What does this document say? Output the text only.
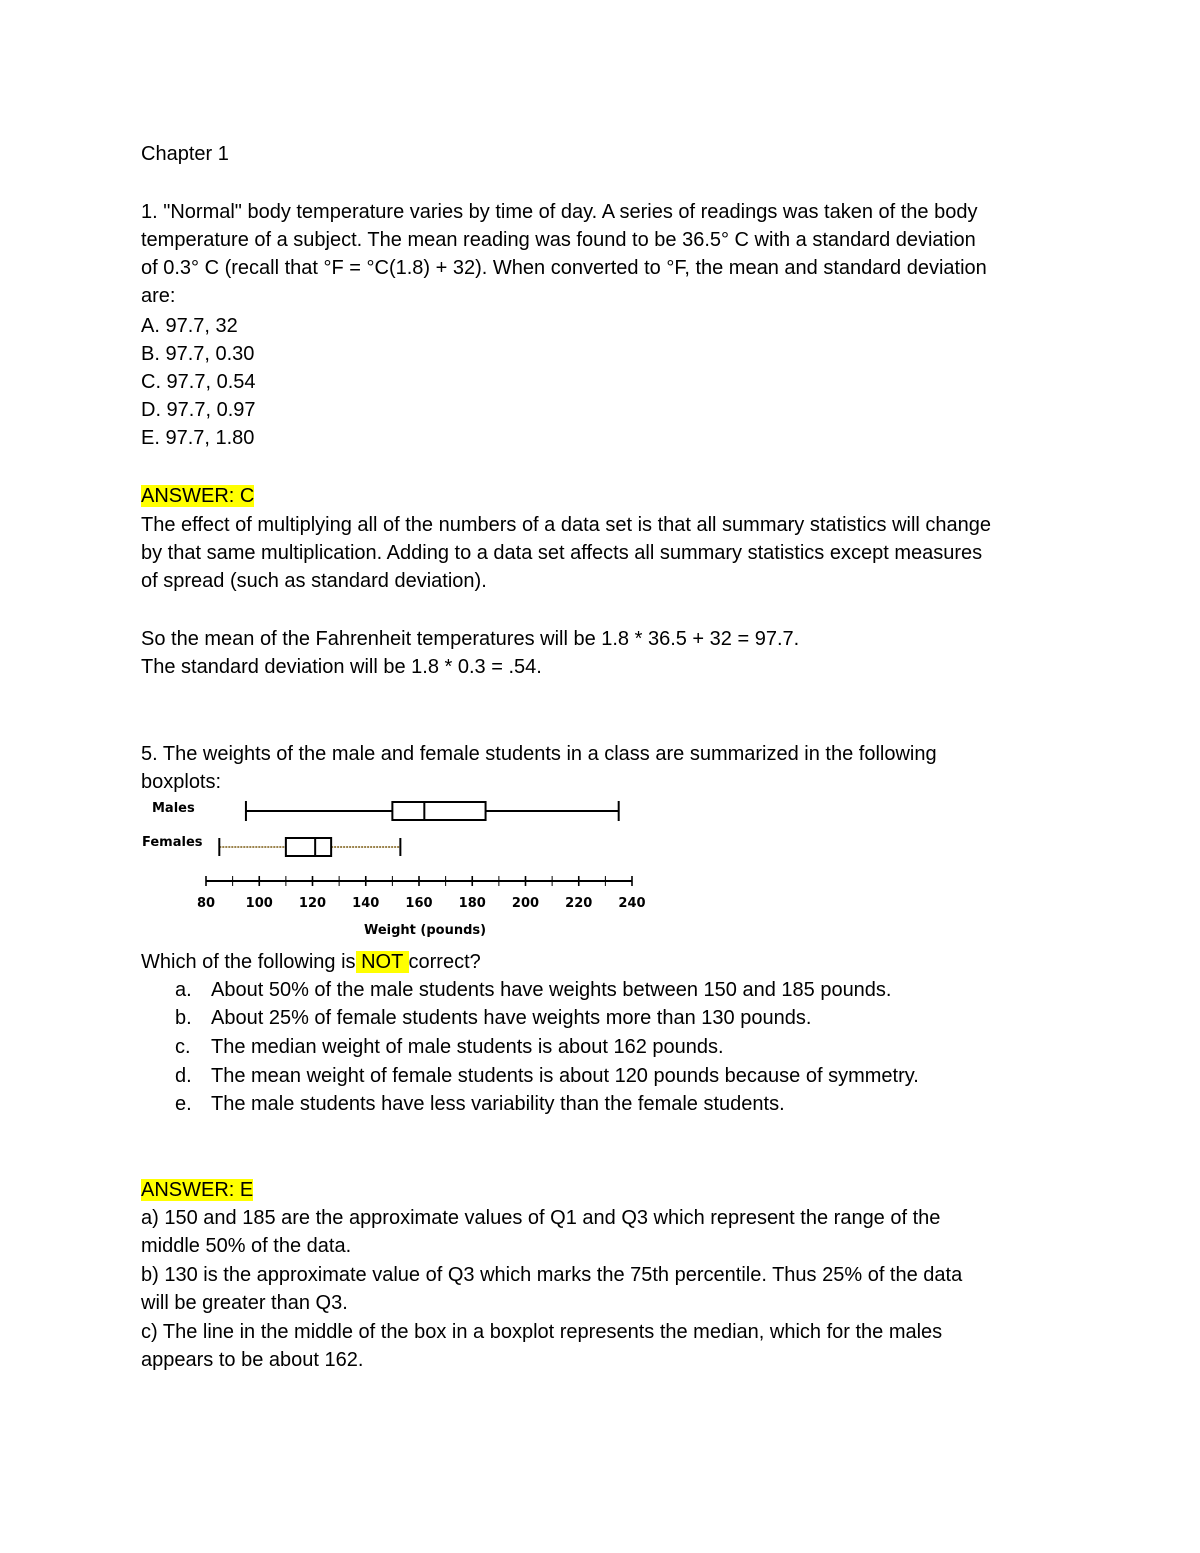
Chapter 1
1. "Normal" body temperature varies by time of day. A series of readings was taken of the body
temperature of a subject. The mean reading was found to be 36.5° C with a standard deviation
of 0.3° C (recall that °F = °C(1.8) + 32). When converted to °F, the mean and standard deviation
are:
A. 97.7, 32
B. 97.7, 0.30
C. 97.7, 0.54
D. 97.7, 0.97
E. 97.7, 1.80
ANSWER: C
The effect of multiplying all of the numbers of a data set is that all summary statistics will change
by that same multiplication. Adding to a data set affects all summary statistics except measures
of spread (such as standard deviation).
So the mean of the Fahrenheit temperatures will be 1.8 * 36.5 + 32 = 97.7.
The standard deviation will be 1.8 * 0.3 = .54.
5. The weights of the male and female students in a class are summarized in the following
boxplots:
Males
Females
80 100 120 140 160 180 200 220 240
Weight (pounds)
Which of the following is NOT correct?
a. About 50% of the male students have weights between 150 and 185 pounds.
b. About 25% of female students have weights more than 130 pounds.
c. The median weight of male students is about 162 pounds.
d. The mean weight of female students is about 120 pounds because of symmetry.
e. The male students have less variability than the female students.
ANSWER: E
a) 150 and 185 are the approximate values of Q1 and Q3 which represent the range of the
middle 50% of the data.
b) 130 is the approximate value of Q3 which marks the 75th percentile. Thus 25% of the data
will be greater than Q3.
c) The line in the middle of the box in a boxplot represents the median, which for the males
appears to be about 162.
